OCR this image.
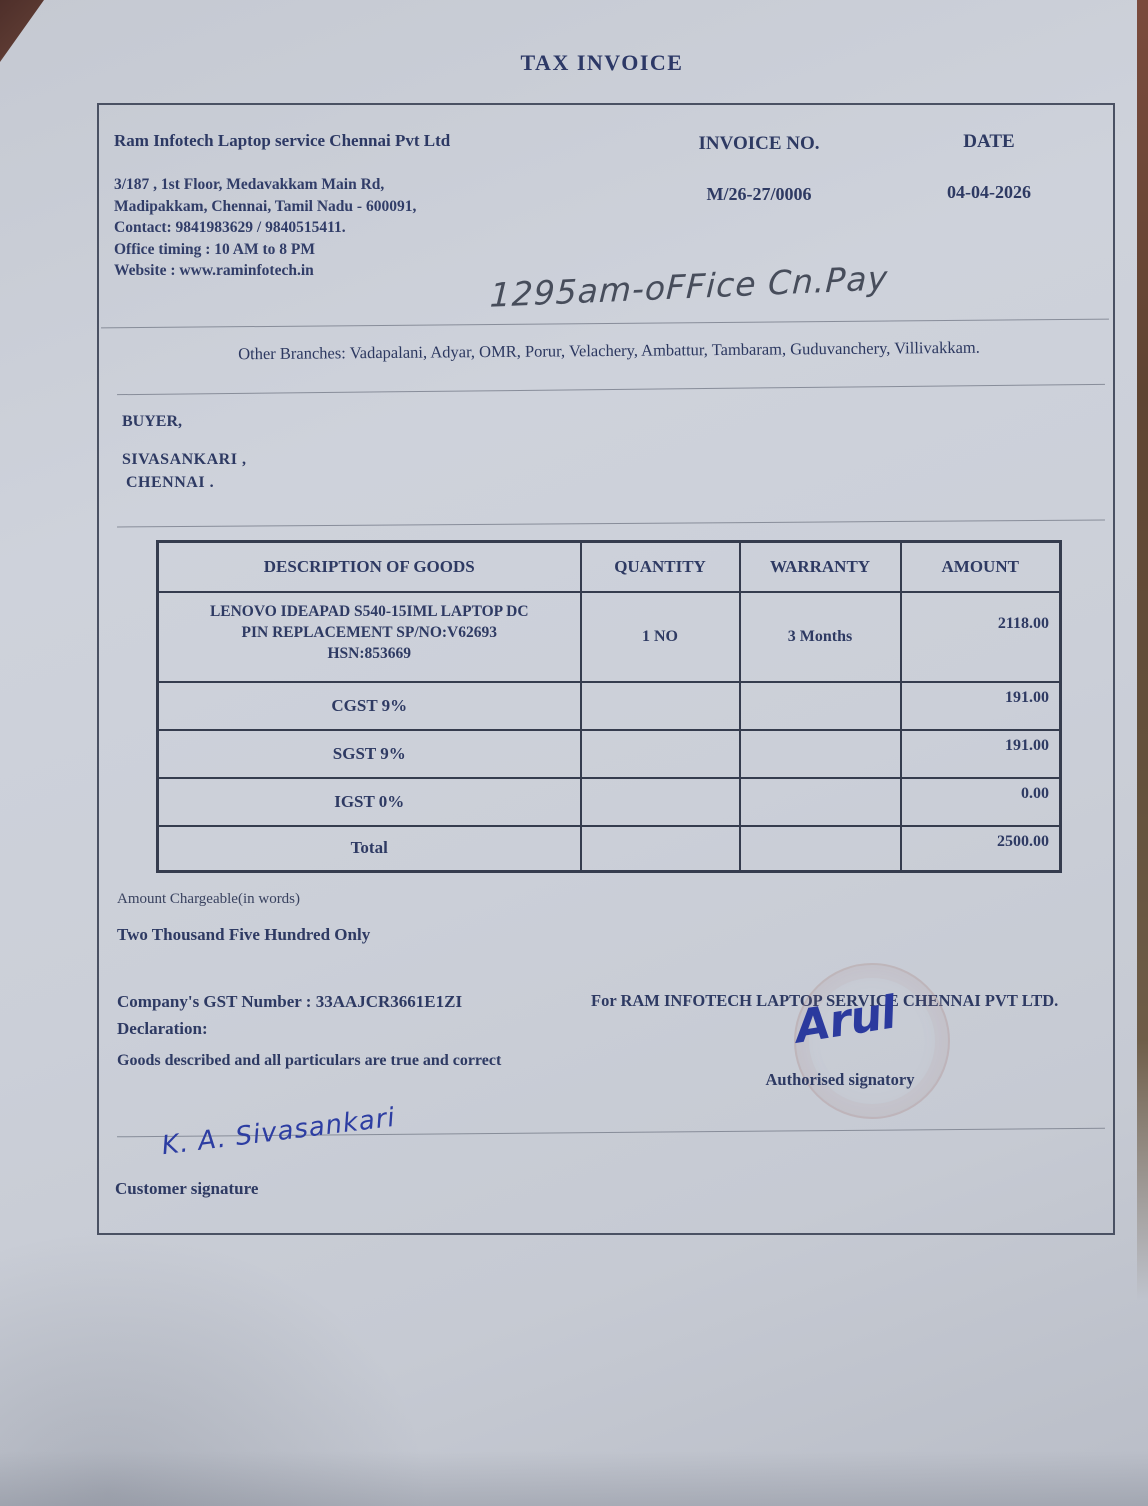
TAX INVOICE
Ram Infotech Laptop service Chennai Pvt Ltd
3/187 , 1st Floor, Medavakkam Main Rd,
Madipakkam, Chennai, Tamil Nadu - 600091,
Contact: 9841983629 / 9840515411.
Office timing : 10 AM to 8 PM
Website : www.raminfotech.in
INVOICE NO.
M/26-27/0006
DATE
04-04-2026
1295am-oFFice Cn.Pay
Other Branches: Vadapalani, Adyar, OMR, Porur, Velachery, Ambattur, Tambaram, Guduvanchery, Villivakkam.
BUYER,
SIVASANKARI ,
CHENNAI .
DESCRIPTION OF GOODS	QUANTITY	WARRANTY	AMOUNT

LENOVO IDEAPAD S540-15IML LAPTOP DC
PIN REPLACEMENT SP/NO:V62693
HSN:853669	1 NO	3 Months	2118.00
CGST 9%			191.00
SGST 9%			191.00
IGST 0%			0.00
Total			2500.00
Amount Chargeable(in words)
Two Thousand Five Hundred Only
Company's GST Number : 33AAJCR3661E1ZI
Declaration:
Goods described and all particulars are true and correct
For RAM INFOTECH LAPTOP SERVICE CHENNAI PVT LTD.
Arul
Authorised signatory
K. A. Sivasankari
Customer signature
